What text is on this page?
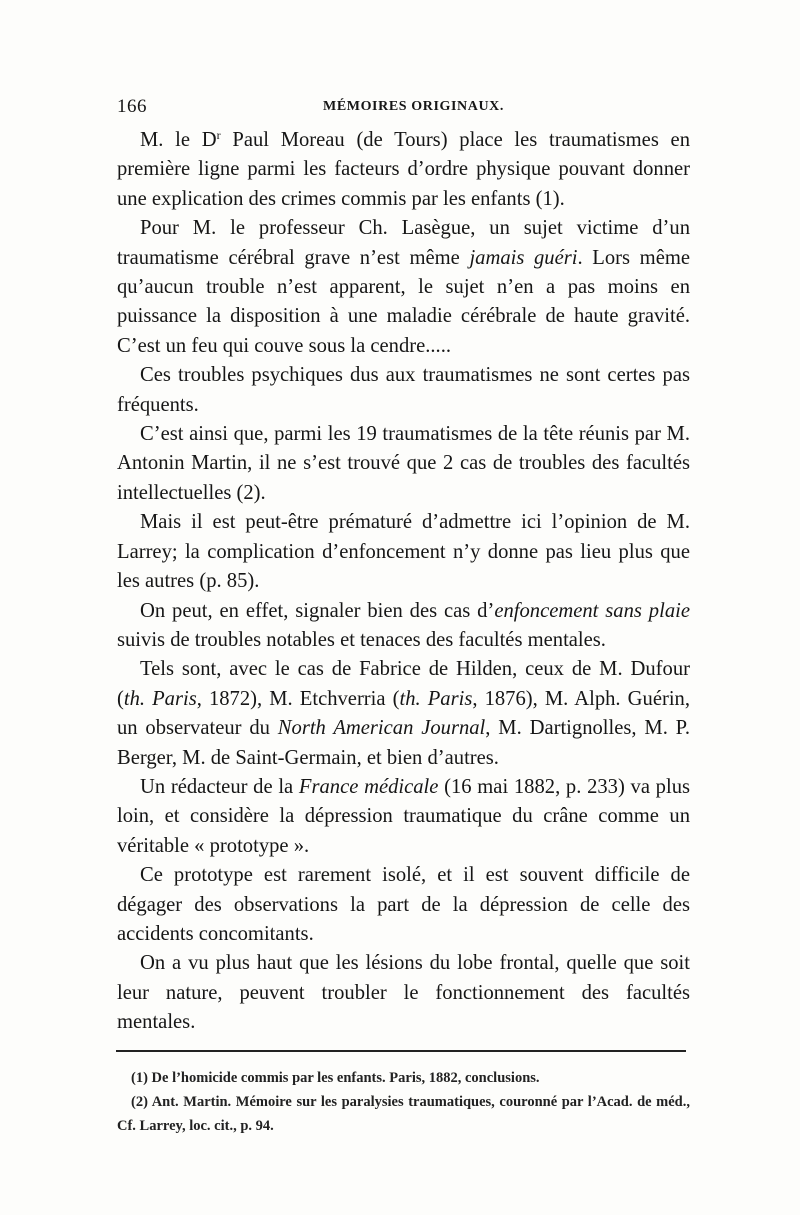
166	MÉMOIRES ORIGINAUX.

M. le $D^r$ Paul Moreau (de Tours) place les traumatismes en première ligne parmi les facteurs d’ordre physique pouvant donner une explication des crimes commis par les enfants (1).

Pour M. le professeur Ch. Lasègue, un sujet victime d’un traumatisme cérébral grave n’est même jamais guéri. Lors même qu’aucun trouble n’est apparent, le sujet n’en a pas moins en puissance la disposition à une maladie cérébrale de haute gravité. C’est un feu qui couve sous la cendre.....

Ces troubles psychiques dus aux traumatismes ne sont certes pas fréquents.

C’est ainsi que, parmi les 19 traumatismes de la tête réunis par M. Antonin Martin, il ne s’est trouvé que 2 cas de troubles des facultés intellectuelles (2).

Mais il est peut-être prématuré d’admettre ici l’opinion de M. Larrey; la complication d’enfoncement n’y donne pas lieu plus que les autres (p. 85).

On peut, en effet, signaler bien des cas d’enfoncement sans plaie suivis de troubles notables et tenaces des facultés mentales.

Tels sont, avec le cas de Fabrice de Hilden, ceux de M. Dufour (th. Paris, 1872), M. Etchverria (th. Paris, 1876), M. Alph. Guérin, un observateur du North American Journal, M. Dartignolles, M. P. Berger, M. de Saint-Germain, et bien d’autres.

Un rédacteur de la France médicale (16 mai 1882, p. 233) va plus loin, et considère la dépression traumatique du crâne comme un véritable « prototype ».

Ce prototype est rarement isolé, et il est souvent difficile de dégager des observations la part de la dépression de celle des accidents concomitants.

On a vu plus haut que les lésions du lobe frontal, quelle que soit leur nature, peuvent troubler le fonctionnement des facultés mentales.

(1) De l’homicide commis par les enfants. Paris, 1882, conclusions.

(2) Ant. Martin. Mémoire sur les paralysies traumatiques, couronné par l’Acad. de méd., Cf. Larrey, loc. cit., p. 94.
